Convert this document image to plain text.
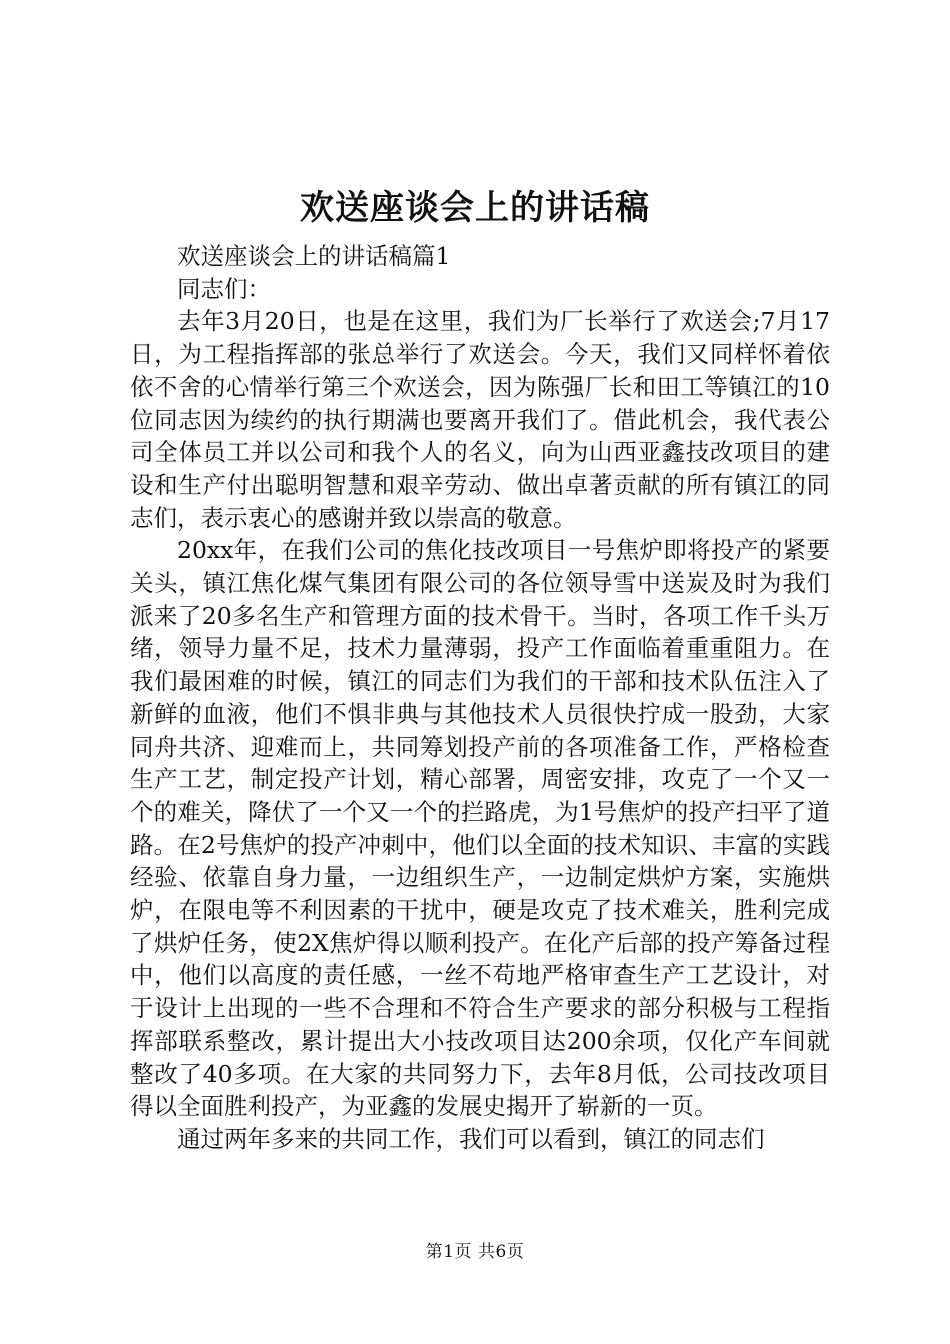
欢送座谈会上的讲话稿

欢送座谈会上的讲话稿篇1

同志们：

去年3月20日，也是在这里，我们为厂长举行了欢送会;7月17日，为工程指挥部的张总举行了欢送会。今天，我们又同样怀着依依不舍的心情举行第三个欢送会，因为陈强厂长和田工等镇江的10位同志因为续约的执行期满也要离开我们了。借此机会，我代表公司全体员工并以公司和我个人的名义，向为山西亚鑫技改项目的建设和生产付出聪明智慧和艰辛劳动、做出卓著贡献的所有镇江的同志们，表示衷心的感谢并致以崇高的敬意。

20xx年，在我们公司的焦化技改项目一号焦炉即将投产的紧要关头，镇江焦化煤气集团有限公司的各位领导雪中送炭及时为我们派来了20多名生产和管理方面的技术骨干。当时，各项工作千头万绪，领导力量不足，技术力量薄弱，投产工作面临着重重阻力。在我们最困难的时候，镇江的同志们为我们的干部和技术队伍注入了新鲜的血液，他们不惧非典与其他技术人员很快拧成一股劲，大家同舟共济、迎难而上，共同筹划投产前的各项准备工作，严格检查生产工艺，制定投产计划，精心部署，周密安排，攻克了一个又一个的难关，降伏了一个又一个的拦路虎，为1号焦炉的投产扫平了道路。在2号焦炉的投产冲刺中，他们以全面的技术知识、丰富的实践经验、依靠自身力量，一边组织生产，一边制定烘炉方案，实施烘炉，在限电等不利因素的干扰中，硬是攻克了技术难关，胜利完成了烘炉任务，使2X焦炉得以顺利投产。在化产后部的投产筹备过程中，他们以高度的责任感，一丝不苟地严格审查生产工艺设计，对于设计上出现的一些不合理和不符合生产要求的部分积极与工程指挥部联系整改，累计提出大小技改项目达200余项，仅化产车间就整改了40多项。在大家的共同努力下，去年8月低，公司技改项目得以全面胜利投产，为亚鑫的发展史揭开了崭新的一页。

通过两年多来的共同工作，我们可以看到，镇江的同志们

第1页 共6页
